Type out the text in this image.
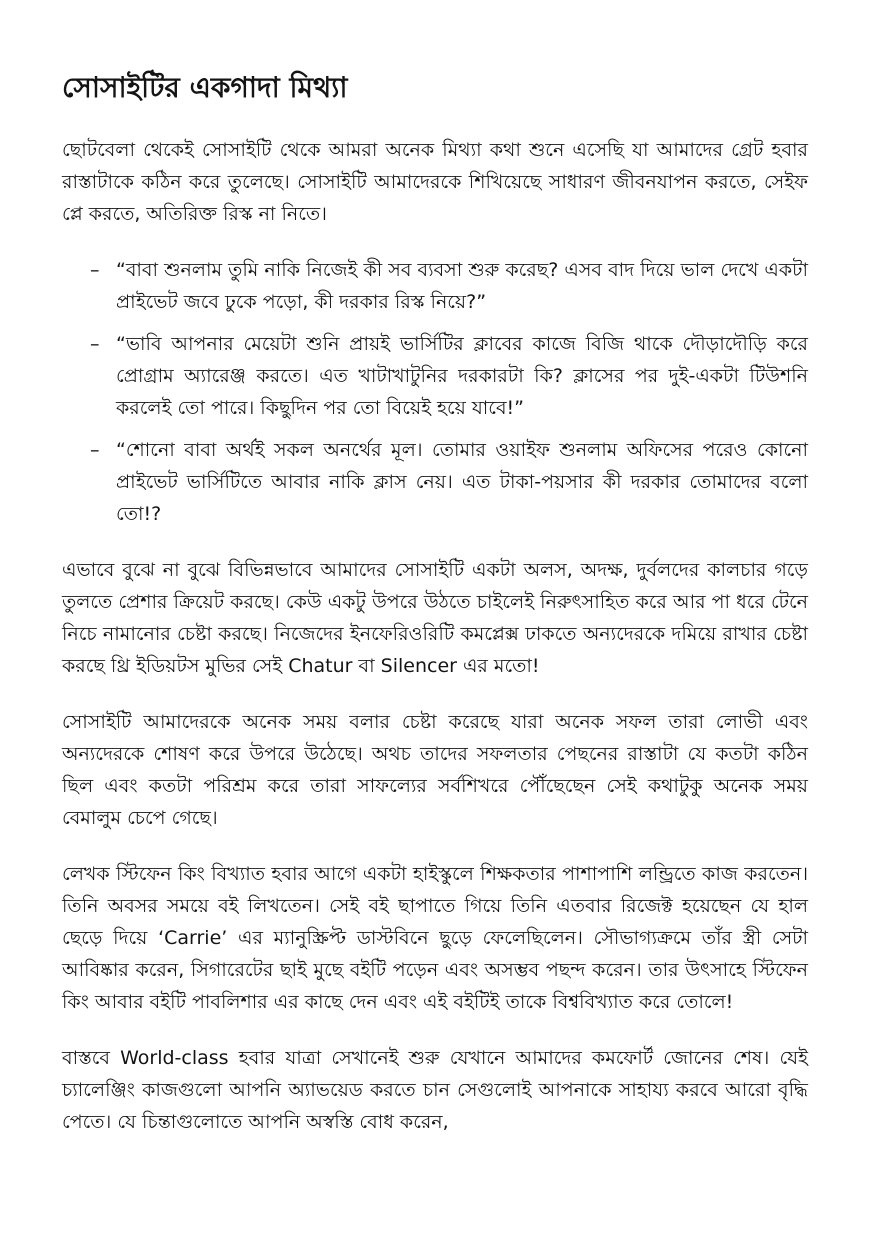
সোসাইটির একগাদা মিথ্যা

ছোটবেলা থেকেই সোসাইটি থেকে আমরা অনেক মিথ্যা কথা শুনে এসেছি যা আমাদের গ্রেট হবার রাস্তাটাকে কঠিন করে তুলেছে। সোসাইটি আমাদেরকে শিখিয়েছে সাধারণ জীবনযাপন করতে, সেইফ প্লে করতে, অতিরিক্ত রিস্ক না নিতে।

– “বাবা শুনলাম তুমি নাকি নিজেই কী সব ব্যবসা শুরু করেছ? এসব বাদ দিয়ে ভাল দেখে একটা প্রাইভেট জবে ঢুকে পড়ো, কী দরকার রিস্ক নিয়ে?”
– “ভাবি আপনার মেয়েটা শুনি প্রায়ই ভার্সিটির ক্লাবের কাজে বিজি থাকে দৌড়াদৌড়ি করে প্রোগ্রাম অ্যারেঞ্জ করতে। এত খাটাখাটুনির দরকারটা কি? ক্লাসের পর দুই-একটা টিউশনি করলেই তো পারে। কিছুদিন পর তো বিয়েই হয়ে যাবে!”
– “শোনো বাবা অর্থই সকল অনর্থের মূল। তোমার ওয়াইফ শুনলাম অফিসের পরেও কোনো প্রাইভেট ভার্সিটিতে আবার নাকি ক্লাস নেয়। এত টাকা-পয়সার কী দরকার তোমাদের বলো তো!?

এভাবে বুঝে না বুঝে বিভিন্নভাবে আমাদের সোসাইটি একটা অলস, অদক্ষ, দুর্বলদের কালচার গড়ে তুলতে প্রেশার ক্রিয়েট করছে। কেউ একটু উপরে উঠতে চাইলেই নিরুৎসাহিত করে আর পা ধরে টেনে নিচে নামানোর চেষ্টা করছে। নিজেদের ইনফেরিওরিটি কমপ্লেক্স ঢাকতে অন্যদেরকে দমিয়ে রাখার চেষ্টা করছে থ্রি ইডিয়টস মুভির সেই Chatur বা Silencer এর মতো!

সোসাইটি আমাদেরকে অনেক সময় বলার চেষ্টা করেছে যারা অনেক সফল তারা লোভী এবং অন্যদেরকে শোষণ করে উপরে উঠেছে। অথচ তাদের সফলতার পেছনের রাস্তাটা যে কতটা কঠিন ছিল এবং কতটা পরিশ্রম করে তারা সাফল্যের সর্বশিখরে পৌঁছেছেন সেই কথাটুকু অনেক সময় বেমালুম চেপে গেছে।

লেখক স্টিফেন কিং বিখ্যাত হবার আগে একটা হাইস্কুলে শিক্ষকতার পাশাপাশি লন্ড্রিতে কাজ করতেন। তিনি অবসর সময়ে বই লিখতেন। সেই বই ছাপাতে গিয়ে তিনি এতবার রিজেক্ট হয়েছেন যে হাল ছেড়ে দিয়ে ‘Carrie’ এর ম্যানুস্ক্রিপ্ট ডাস্টবিনে ছুড়ে ফেলেছিলেন। সৌভাগ্যক্রমে তাঁর স্ত্রী সেটা আবিষ্কার করেন, সিগারেটের ছাই মুছে বইটি পড়েন এবং অসম্ভব পছন্দ করেন। তার উৎসাহে স্টিফেন কিং আবার বইটি পাবলিশার এর কাছে দেন এবং এই বইটিই তাকে বিশ্ববিখ্যাত করে তোলে!

বাস্তবে World-class হবার যাত্রা সেখানেই শুরু যেখানে আমাদের কমফোর্ট জোনের শেষ। যেই চ্যালেঞ্জিং কাজগুলো আপনি অ্যাভয়েড করতে চান সেগুলোই আপনাকে সাহায্য করবে আরো বৃদ্ধি পেতে। যে চিন্তাগুলোতে আপনি অস্বস্তি বোধ করেন,
